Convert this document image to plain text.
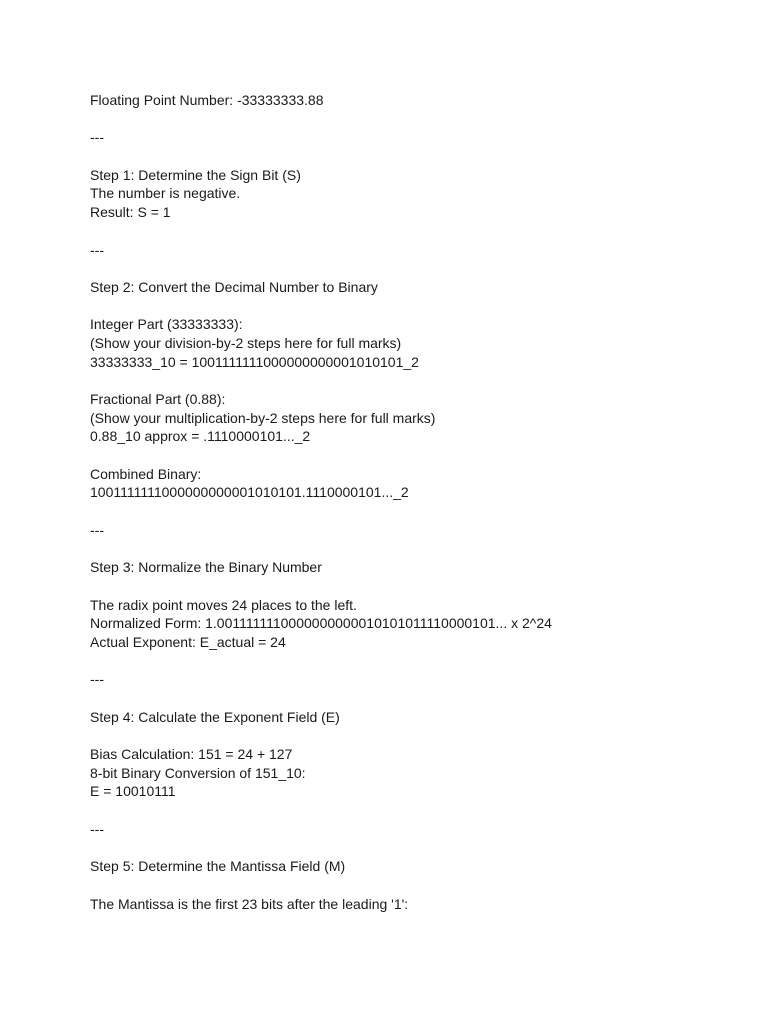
Floating Point Number: -33333333.88
---
Step 1: Determine the Sign Bit (S)
The number is negative.
Result: S = 1
---
Step 2: Convert the Decimal Number to Binary
Integer Part (33333333):
(Show your division-by-2 steps here for full marks)
33333333_10 = 1001111111000000000001010101_2
Fractional Part (0.88):
(Show your multiplication-by-2 steps here for full marks)
0.88_10 approx = .1110000101..._2
Combined Binary:
1001111111000000000001010101.1110000101..._2
---
Step 3: Normalize the Binary Number
The radix point moves 24 places to the left.
Normalized Form: 1.0011111110000000000010101011110000101... x 2^24
Actual Exponent: E_actual = 24
---
Step 4: Calculate the Exponent Field (E)
Bias Calculation: 151 = 24 + 127
8-bit Binary Conversion of 151_10:
E = 10010111
---
Step 5: Determine the Mantissa Field (M)
The Mantissa is the first 23 bits after the leading '1':
